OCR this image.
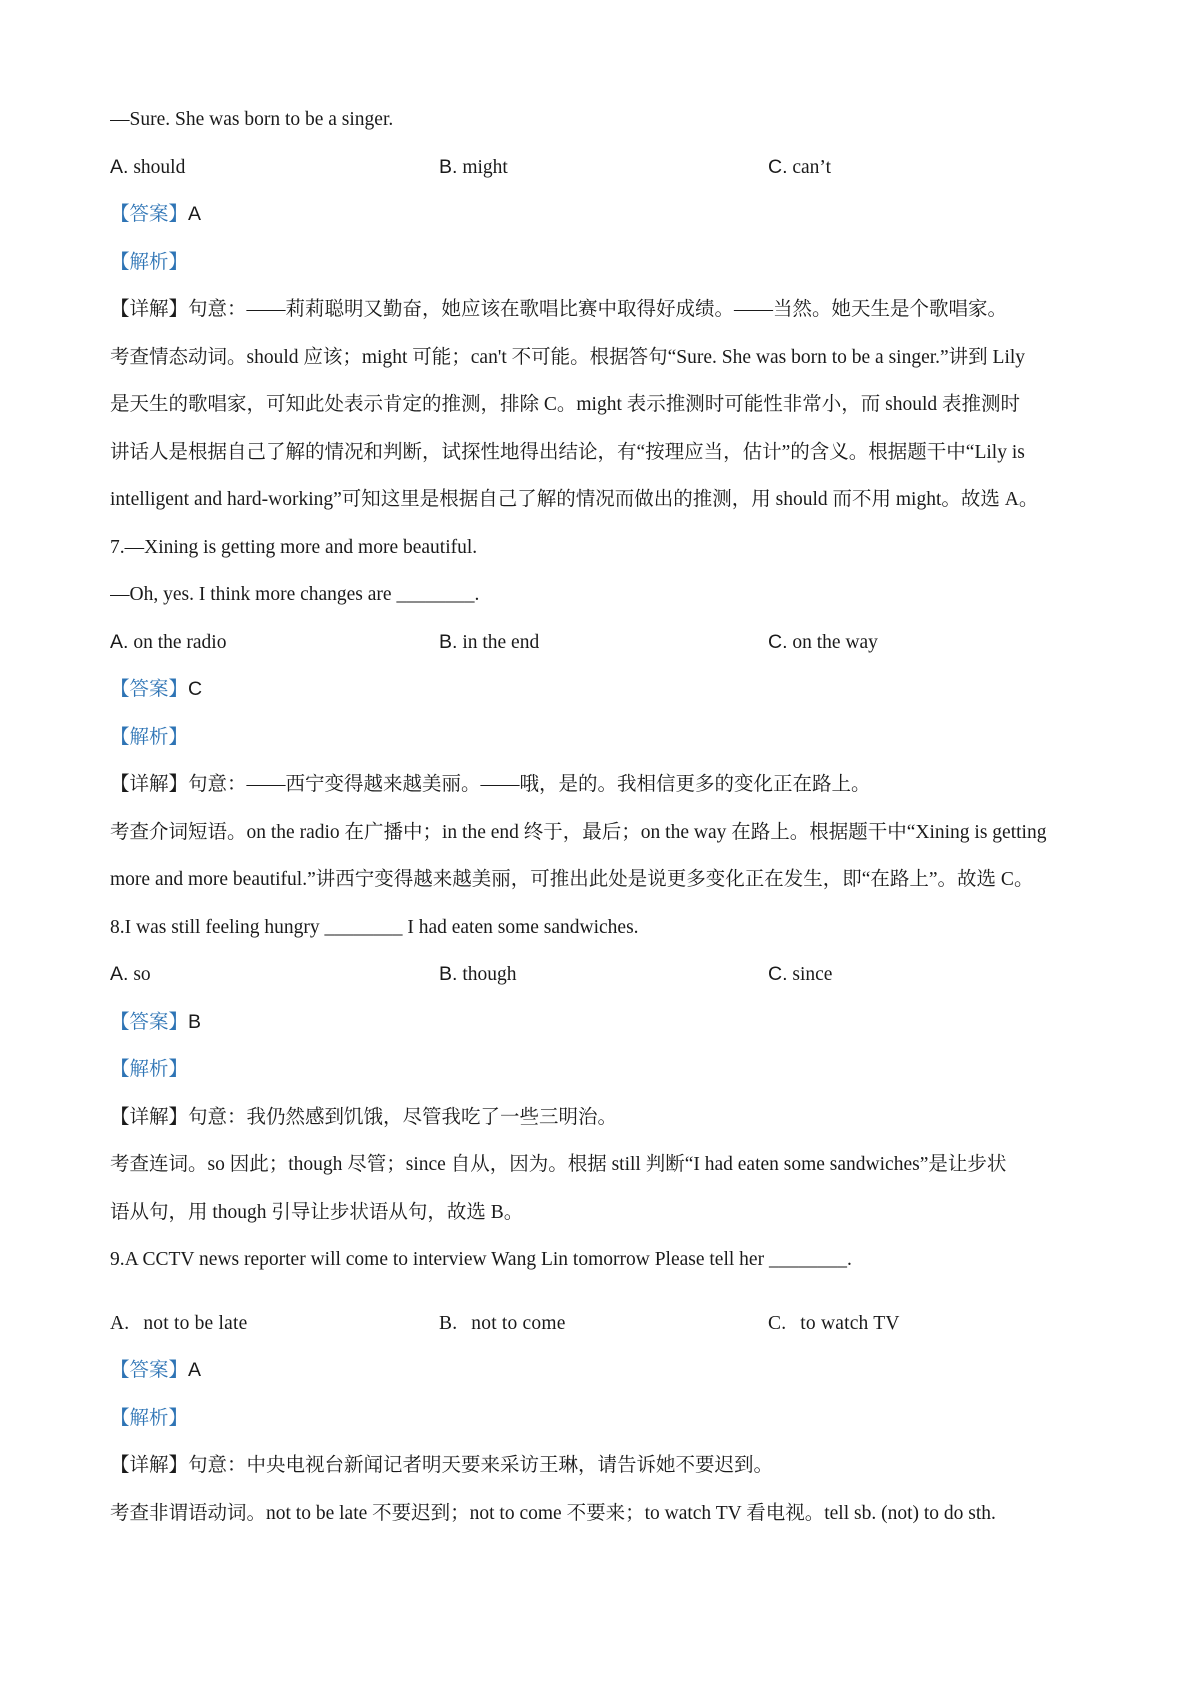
—Sure. She was born to be a singer.
A. should	B. might	C. can’t
【答案】A
【解析】
【详解】句意：——莉莉聪明又勤奋，她应该在歌唱比赛中取得好成绩。——当然。她天生是个歌唱家。
考查情态动词。should 应该；might 可能；can't 不可能。根据答句“Sure. She was born to be a singer.”讲到 Lily
是天生的歌唱家，可知此处表示肯定的推测，排除 C。might 表示推测时可能性非常小，而 should 表推测时
讲话人是根据自己了解的情况和判断，试探性地得出结论，有“按理应当，估计”的含义。根据题干中“Lily is
intelligent and hard-working”可知这里是根据自己了解的情况而做出的推测，用 should 而不用 might。故选 A。
7.—Xining is getting more and more beautiful.
—Oh, yes. I think more changes are ________.
A. on the radio	B. in the end	C. on the way
【答案】C
【解析】
【详解】句意：——西宁变得越来越美丽。——哦，是的。我相信更多的变化正在路上。
考查介词短语。on the radio 在广播中；in the end 终于，最后；on the way 在路上。根据题干中“Xining is getting
more and more beautiful.”讲西宁变得越来越美丽，可推出此处是说更多变化正在发生，即“在路上”。故选 C。
8.I was still feeling hungry ________ I had eaten some sandwiches.
A. so	B. though	C. since
【答案】B
【解析】
【详解】句意：我仍然感到饥饿，尽管我吃了一些三明治。
考查连词。so 因此；though 尽管；since 自从，因为。根据 still 判断“I had eaten some sandwiches”是让步状
语从句，用 though 引导让步状语从句，故选 B。
9.A CCTV news reporter will come to interview Wang Lin tomorrow Please tell her ________.
A. not to be late	B. not to come	C. to watch TV
【答案】A
【解析】
【详解】句意：中央电视台新闻记者明天要来采访王琳，请告诉她不要迟到。
考查非谓语动词。not to be late 不要迟到；not to come 不要来；to watch TV 看电视。tell sb. (not) to do sth.
